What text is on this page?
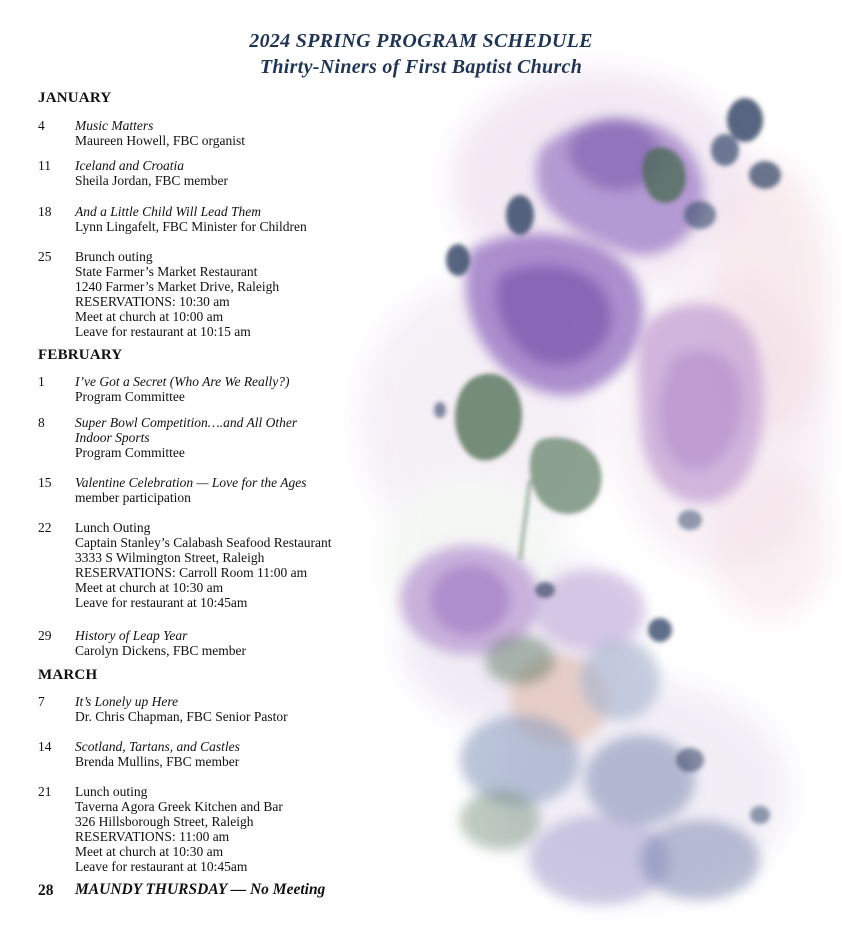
2024 SPRING PROGRAM SCHEDULE
Thirty-Niners of First Baptist Church
JANUARY
4 Music Matters
Maureen Howell, FBC organist
11 Iceland and Croatia
Sheila Jordan, FBC member
18 And a Little Child Will Lead Them
Lynn Lingafelt, FBC Minister for Children
25 Brunch outing
State Farmer’s Market Restaurant
1240 Farmer’s Market Drive, Raleigh
RESERVATIONS: 10:30 am
Meet at church at 10:00 am
Leave for restaurant at 10:15 am
FEBRUARY
1 I’ve Got a Secret (Who Are We Really?)
Program Committee
8 Super Bowl Competition….and All Other
Indoor Sports
Program Committee
15 Valentine Celebration — Love for the Ages
member participation
22 Lunch Outing
Captain Stanley’s Calabash Seafood Restaurant
3333 S Wilmington Street, Raleigh
RESERVATIONS: Carroll Room 11:00 am
Meet at church at 10:30 am
Leave for restaurant at 10:45am
29 History of Leap Year
Carolyn Dickens, FBC member
MARCH
7 It’s Lonely up Here
Dr. Chris Chapman, FBC Senior Pastor
14 Scotland, Tartans, and Castles
Brenda Mullins, FBC member
21 Lunch outing
Taverna Agora Greek Kitchen and Bar
326 Hillsborough Street, Raleigh
RESERVATIONS: 11:00 am
Meet at church at 10:30 am
Leave for restaurant at 10:45am
28 MAUNDY THURSDAY — No Meeting
